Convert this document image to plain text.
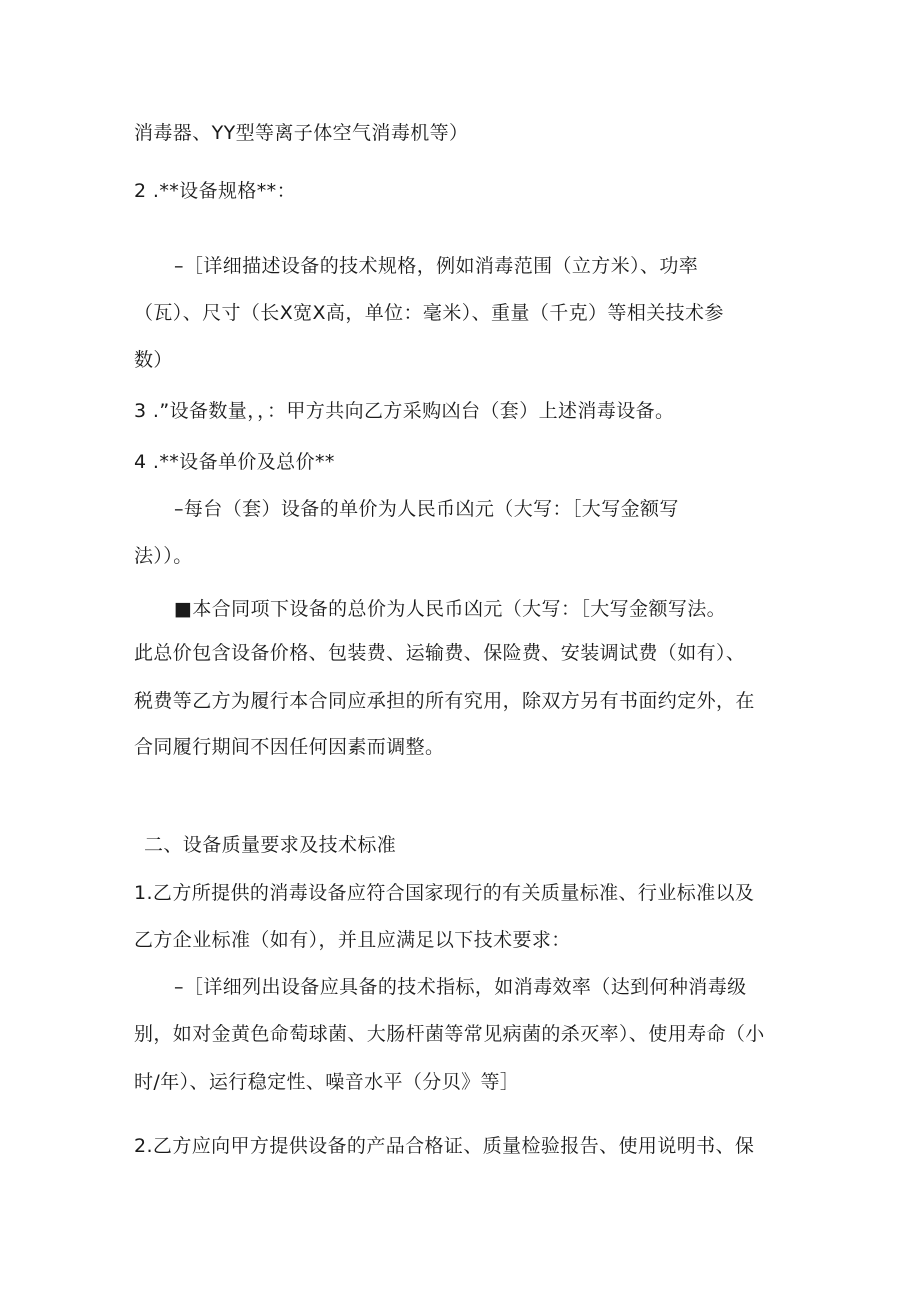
消毒器、YY型等离子体空气消毒机等）
2 .**设备规格**：
–［详细描述设备的技术规格，例如消毒范围（立方米）、功率
（瓦）、尺寸（长X宽X高，单位：毫米）、重量（千克）等相关技术参
数）
3 .”设备数量，，：甲方共向乙方采购凶台（套）上述消毒设备。
4 .**设备单价及总价**
–每台（套）设备的单价为人民币凶元（大写：［大写金额写
法））。
■本合同项下设备的总价为人民币凶元（大写：［大写金额写法。
此总价包含设备价格、包装费、运输费、保险费、安装调试费（如有）、
税费等乙方为履行本合同应承担的所有究用，除双方另有书面约定外，在
合同履行期间不因任何因素而调整。
二、设备质量要求及技术标准
1.乙方所提供的消毒设备应符合国家现行的有关质量标准、行业标准以及
乙方企业标准（如有），并且应满足以下技术要求：
–［详细列出设备应具备的技术指标，如消毒效率（达到何种消毒级
别，如对金黄色命萄球菌、大肠杆菌等常见病菌的杀灭率）、使用寿命（小
时/年）、运行稳定性、噪音水平（分贝》等］
2.乙方应向甲方提供设备的产品合格证、质量检验报告、使用说明书、保
